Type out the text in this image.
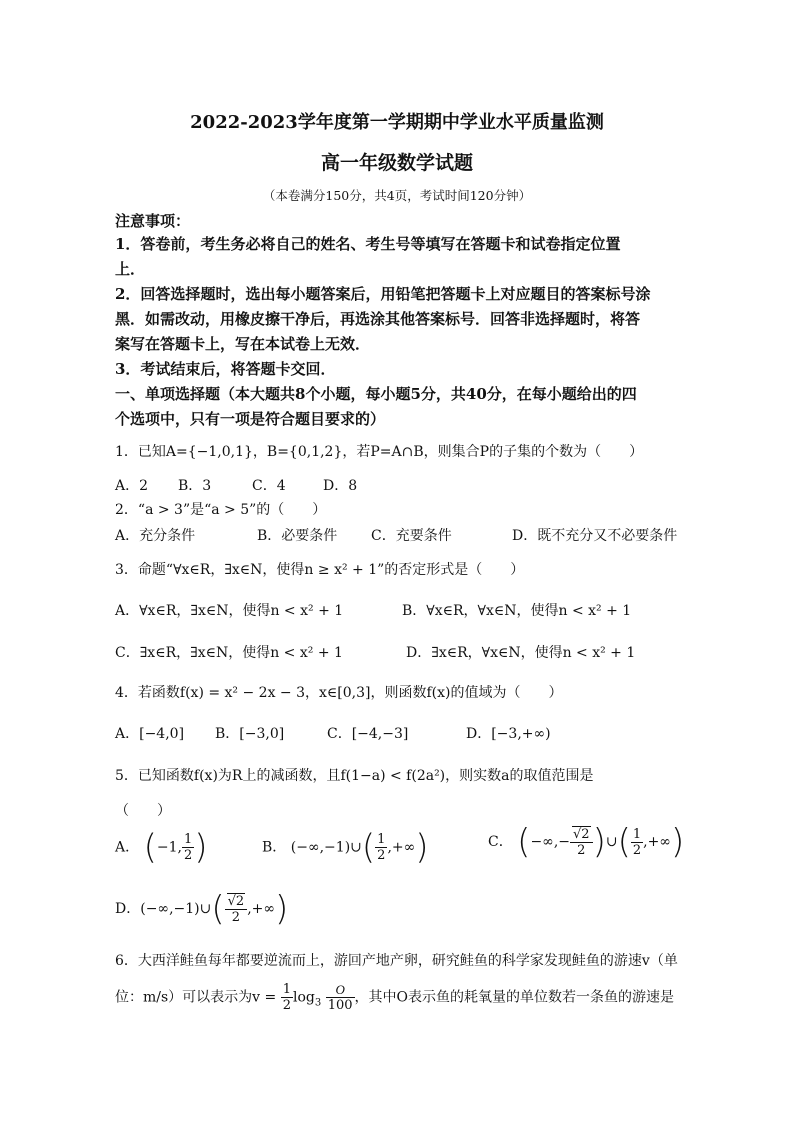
2022-2023学年度第一学期期中学业水平质量监测
高一年级数学试题
（本卷满分150分，共4页，考试时间120分钟）
注意事项：
1．答卷前，考生务必将自己的姓名、考生号等填写在答题卡和试卷指定位置
上．
2．回答选择题时，选出每小题答案后，用铅笔把答题卡上对应题目的答案标号涂
黑．如需改动，用橡皮擦干净后，再选涂其他答案标号．回答非选择题时，将答
案写在答题卡上，写在本试卷上无效．
3．考试结束后，将答题卡交回．
一、单项选择题（本大题共8个小题，每小题5分，共40分，在每小题给出的四
个选项中，只有一项是符合题目要求的）
1．已知A={−1,0,1}，B={0,1,2}，若P=A∩B，则集合P的子集的个数为（　　）
A．2 B．3	C．4	D．8
2．“a > 3”是“a > 5”的（　　）
A．充分条件	B．必要条件 C．充要条件	D．既不充分又不必要条件
3．命题“∀x∈R，∃x∈N，使得n ≥ x² + 1”的否定形式是（　　）
A．∀x∈R，∃x∈N，使得n < x² + 1	B．∀x∈R，∀x∈N，使得n < x² + 1
C．∃x∈R，∃x∈N，使得n < x² + 1	D．∃x∈R，∀x∈N，使得n < x² + 1
4．若函数f(x) = x² − 2x − 3，x∈[0,3]，则函数f(x)的值域为（　　）
A．[−4,0] B．[−3,0]	C．[−4,−3]	D．[−3,+∞)
5．已知函数f(x)为R上的减函数，且f(1−a) < f(2a²)，则实数a的取值范围是
（　　）
A． (−1, $\frac{1}{2}$ )	B． (−∞,−1)∪( $\frac{1}{2}$ ,+∞)	C． (−∞,− $\frac{√2}{2}$ )∪( $\frac{1}{2}$ ,+∞)
D．(−∞,−1)∪( $\frac{√2}{2}$ ,+∞)
6．大西洋鲑鱼每年都要逆流而上，游回产地产卵，研究鲑鱼的科学家发现鲑鱼的游速v（单
位：m/s）可以表示为$v = \frac{1}{2} \log_3 \frac{O}{100}$ ，其中O表示鱼的耗氧量的单位数若一条鱼的游速是
